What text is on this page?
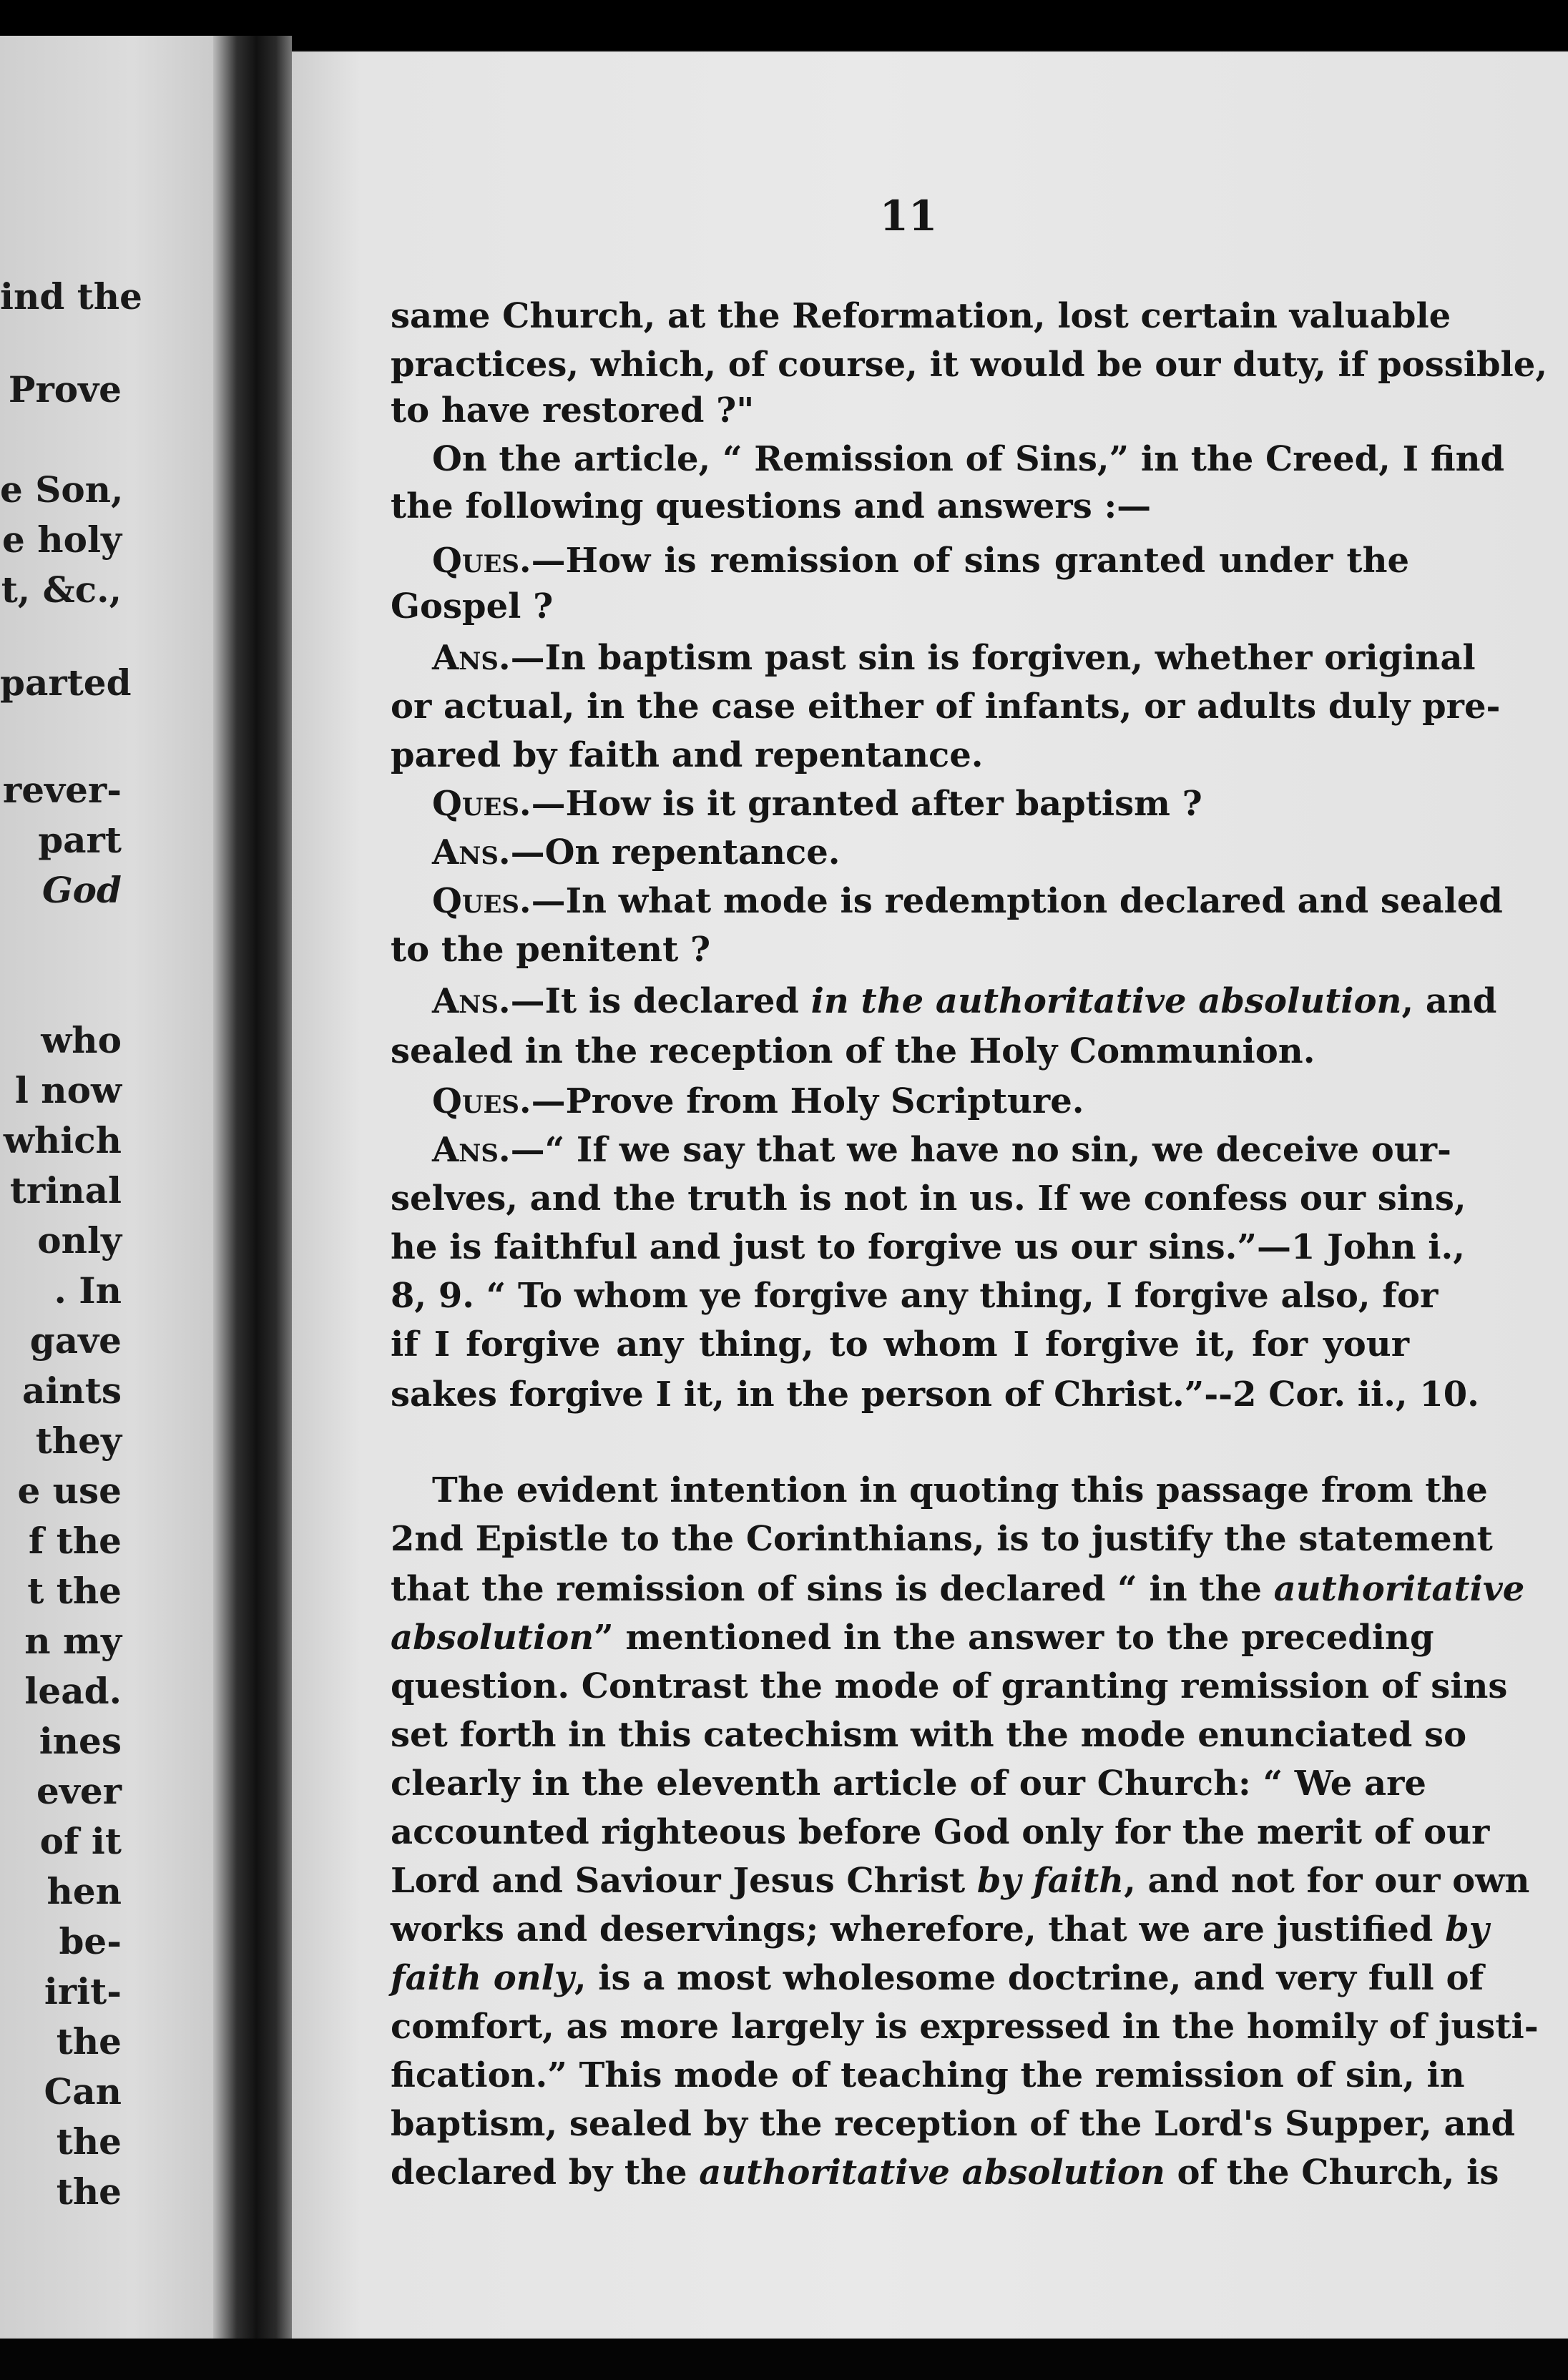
ind the
Prove
e Son,
e holy
t, &c.,
parted
rever-
part
God
who
l now
which
trinal
only
. In
gave
aints
they
e use
f the
t the
n my
lead.
ines
ever
of it
hen
be-
irit-
the
Can
the
the
11
same Church, at the Reformation, lost certain valuable
practices, which, of course, it would be our duty, if possible,
to have restored ?"
On the article, “ Remission of Sins,” in the Creed, I find
the following questions and answers :—
Ques.—How is remission of sins granted under the
Gospel ?
Ans.—In baptism past sin is forgiven, whether original
or actual, in the case either of infants, or adults duly pre-
pared by faith and repentance.
Ques.—How is it granted after baptism ?
Ans.—On repentance.
Ques.—In what mode is redemption declared and sealed
to the penitent ?
Ans.—It is declared in the authoritative absolution, and
sealed in the reception of the Holy Communion.
Ques.—Prove from Holy Scripture.
Ans.—“ If we say that we have no sin, we deceive our-
selves, and the truth is not in us. If we confess our sins,
he is faithful and just to forgive us our sins.”—1 John i.,
8, 9. “ To whom ye forgive any thing, I forgive also, for
if I forgive any thing, to whom I forgive it, for your
sakes forgive I it, in the person of Christ.”--2 Cor. ii., 10.
The evident intention in quoting this passage from the
2nd Epistle to the Corinthians, is to justify the statement
that the remission of sins is declared “ in the authoritative
absolution” mentioned in the answer to the preceding
question. Contrast the mode of granting remission of sins
set forth in this catechism with the mode enunciated so
clearly in the eleventh article of our Church: “ We are
accounted righteous before God only for the merit of our
Lord and Saviour Jesus Christ by faith, and not for our own
works and deservings; wherefore, that we are justified by
faith only, is a most wholesome doctrine, and very full of
comfort, as more largely is expressed in the homily of justi-
fication.” This mode of teaching the remission of sin, in
baptism, sealed by the reception of the Lord's Supper, and
declared by the authoritative absolution of the Church, is
